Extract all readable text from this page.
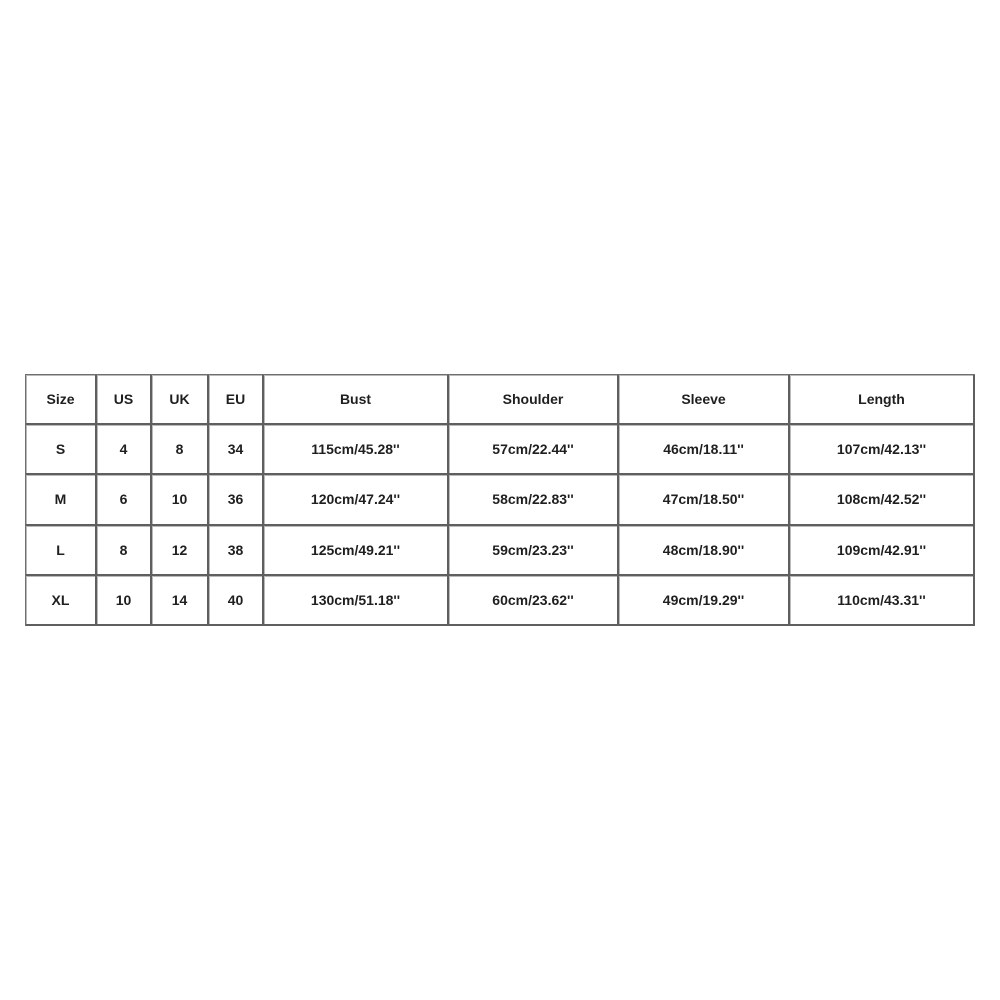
Size	US	UK	EU	Bust	Shoulder	Sleeve	Length
S	4	8	34	115cm/45.28''	57cm/22.44''	46cm/18.11''	107cm/42.13''
M	6	10	36	120cm/47.24''	58cm/22.83''	47cm/18.50''	108cm/42.52''
L	8	12	38	125cm/49.21''	59cm/23.23''	48cm/18.90''	109cm/42.91''
XL	10	14	40	130cm/51.18''	60cm/23.62''	49cm/19.29''	110cm/43.31''
